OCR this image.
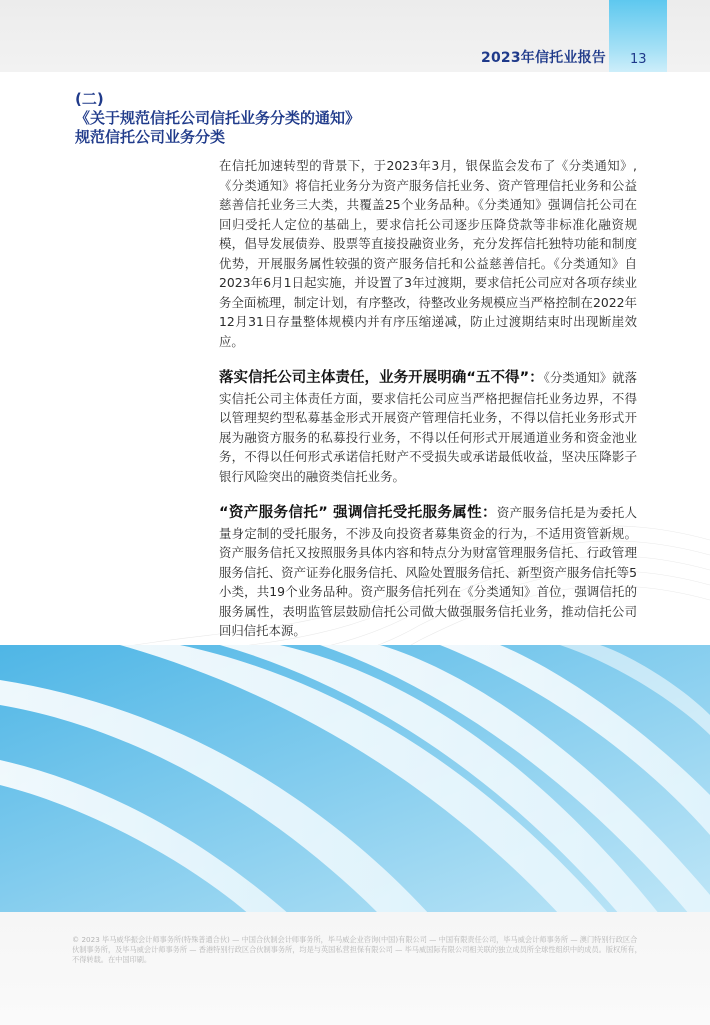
2023年信托业报告 13
(二)
《关于规范信托公司信托业务分类的通知》
规范信托公司业务分类

在信托加速转型的背景下，于2023年3月，银保监会发布了《分类通知》,《分类通知》将信托业务分为资产服务信托业务、资产管理信托业务和公益慈善信托业务三大类，共覆盖25个业务品种。《分类通知》强调信托公司在回归受托人定位的基础上，要求信托公司逐步压降贷款等非标准化融资规模，倡导发展债券、股票等直接投融资业务，充分发挥信托独特功能和制度优势，开展服务属性较强的资产服务信托和公益慈善信托。《分类通知》自2023年6月1日起实施，并设置了3年过渡期，要求信托公司应对各项存续业务全面梳理，制定计划，有序整改，待整改业务规模应当严格控制在2022年12月31日存量整体规模内并有序压缩递减，防止过渡期结束时出现断崖效应。

落实信托公司主体责任，业务开展明确“五不得”：《分类通知》就落实信托公司主体责任方面，要求信托公司应当严格把握信托业务边界，不得以管理契约型私募基金形式开展资产管理信托业务，不得以信托业务形式开展为融资方服务的私募投行业务，不得以任何形式开展通道业务和资金池业务，不得以任何形式承诺信托财产不受损失或承诺最低收益，坚决压降影子银行风险突出的融资类信托业务。

“资产服务信托” 强调信托受托服务属性：资产服务信托是为委托人量身定制的受托服务，不涉及向投资者募集资金的行为，不适用资管新规。资产服务信托又按照服务具体内容和特点分为财富管理服务信托、行政管理服务信托、资产证券化服务信托、风险处置服务信托、新型资产服务信托等5小类，共19个业务品种。资产服务信托列在《分类通知》首位，强调信托的服务属性，表明监管层鼓励信托公司做大做强服务信托业务，推动信托公司回归信托本源。

© 2023 毕马威华振会计师事务所(特殊普通合伙) — 中国合伙制会计师事务所，毕马威企业咨询(中国)有限公司 — 中国有限责任公司，毕马威会计师事务所 — 澳门特别行政区合伙制事务所，及毕马威会计师事务所 — 香港特别行政区合伙制事务所，均是与英国私营担保有限公司 — 毕马威国际有限公司相关联的独立成员所全球性组织中的成员。版权所有，不得转载。在中国印刷。
